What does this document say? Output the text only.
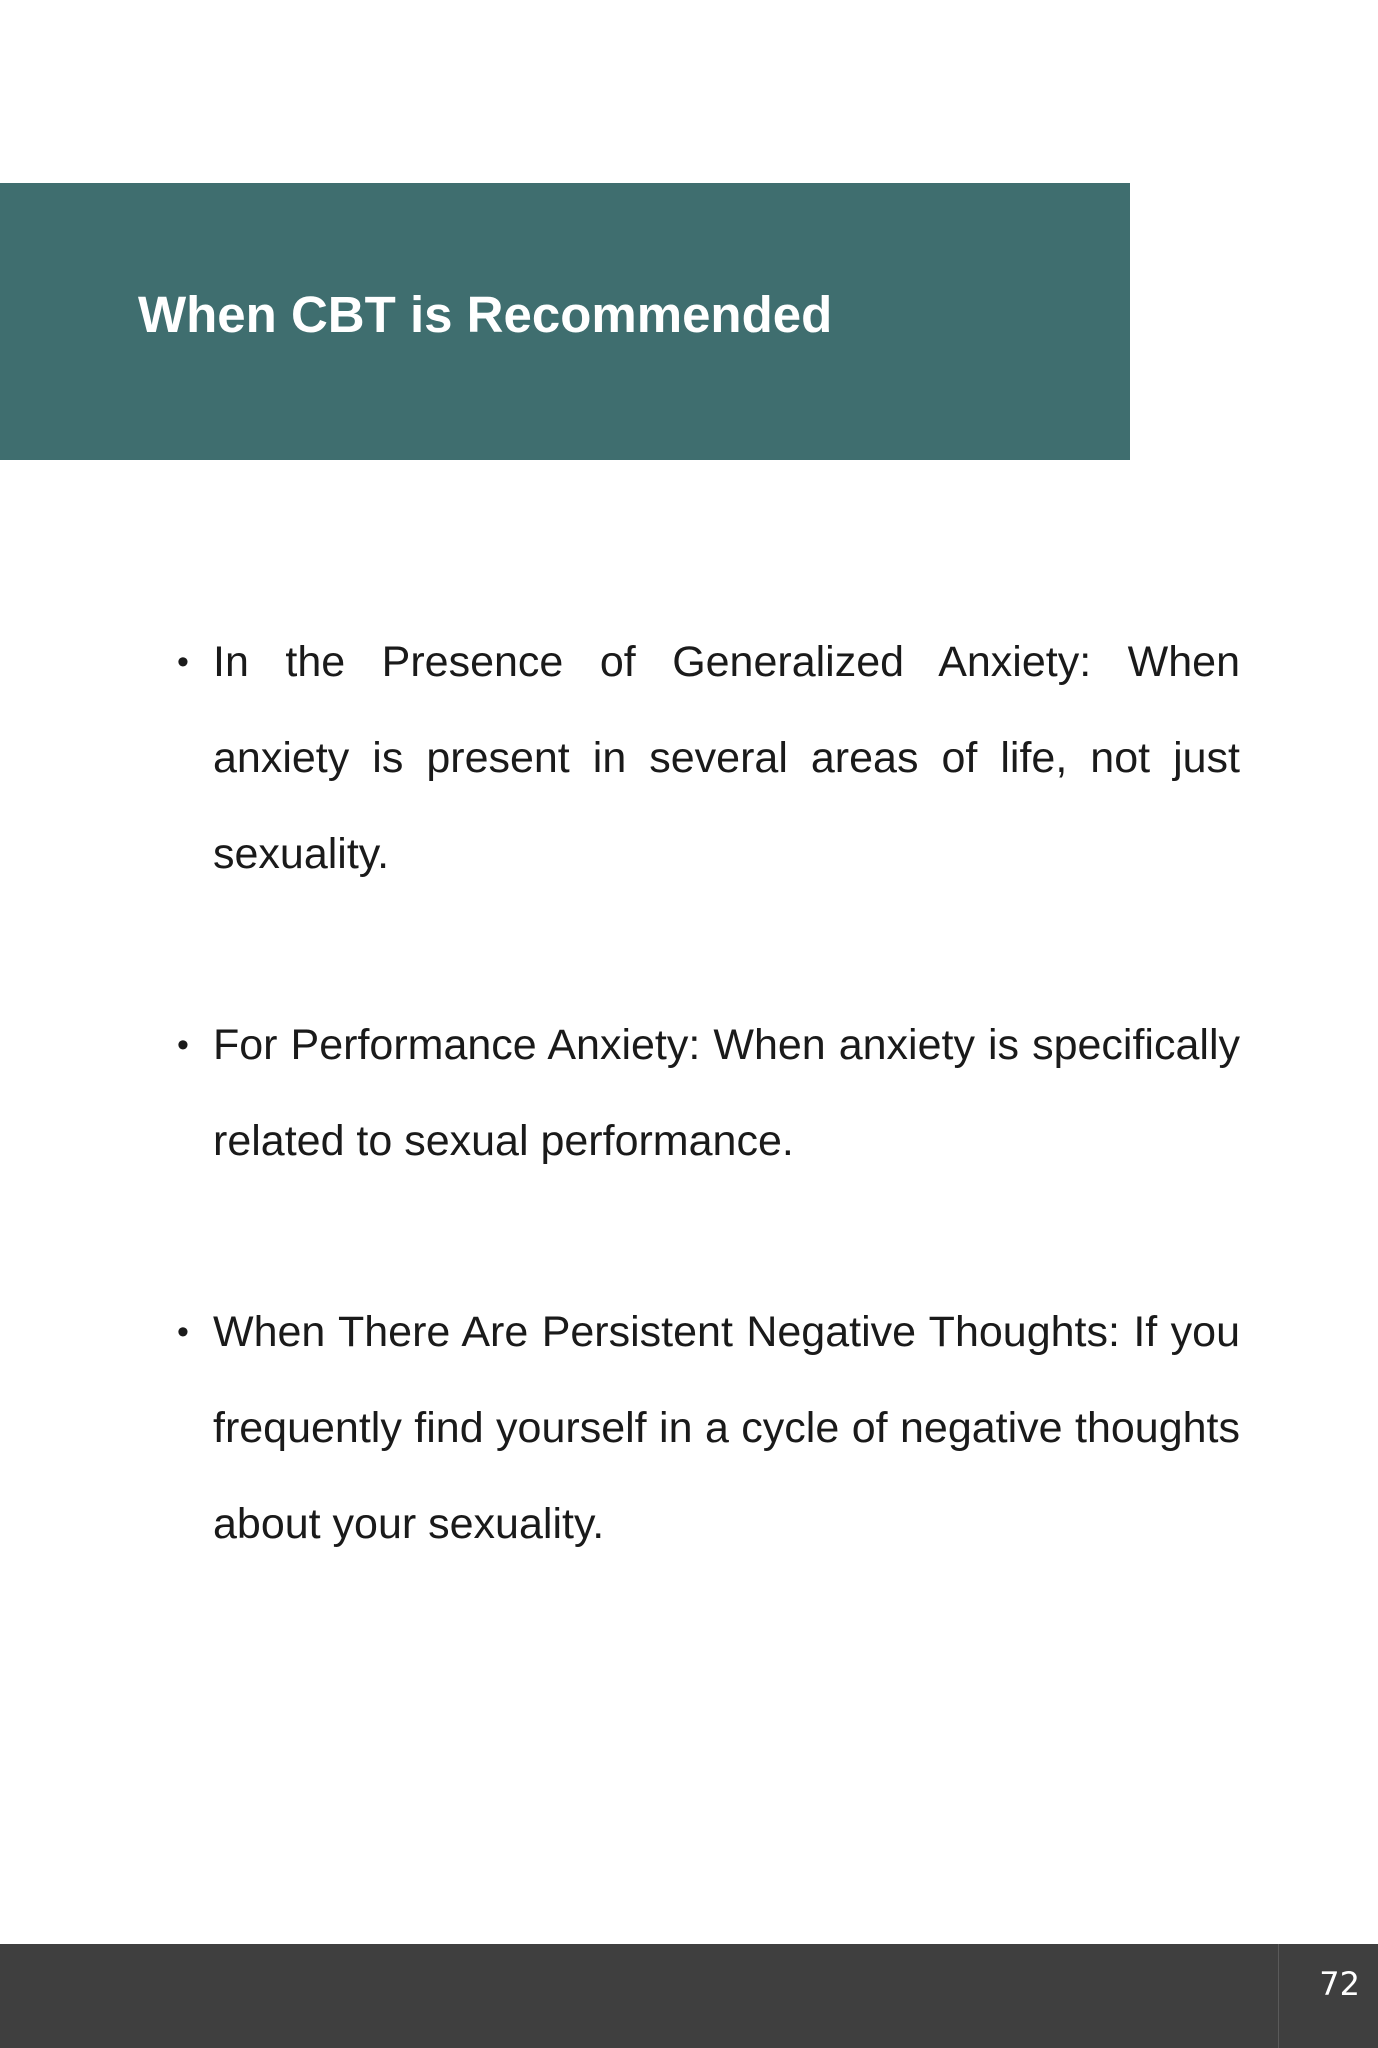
When CBT is Recommended
• In the Presence of Generalized Anxiety: When anxiety is present in several areas of life, not just sexuality.
• For Performance Anxiety: When anxiety is specifically related to sexual performance.
• When There Are Persistent Negative Thoughts: If you frequently find yourself in a cycle of negative thoughts about your sexuality.
72
